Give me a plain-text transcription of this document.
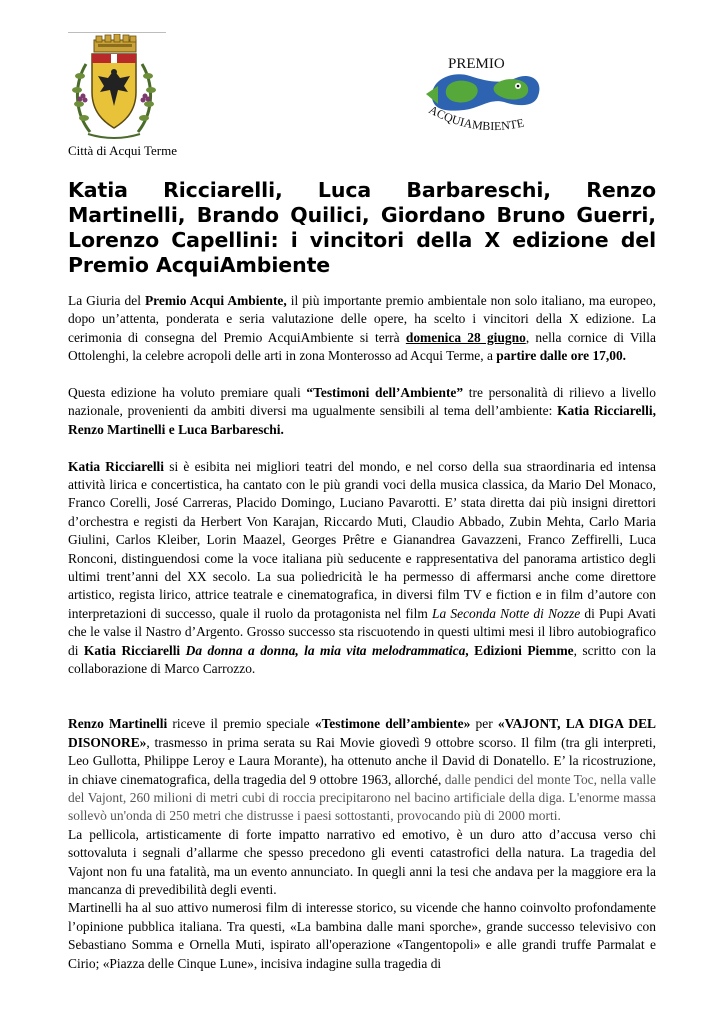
Città di Acqui Terme
PREMIO
ACQUIAMBIENTE
Katia Ricciarelli, Luca Barbareschi, Renzo Martinelli, Brando Quilici, Giordano Bruno Guerri, Lorenzo Capellini: i vincitori della X edizione del Premio AcquiAmbiente

La Giuria del Premio Acqui Ambiente, il più importante premio ambientale non solo italiano, ma europeo, dopo un’attenta, ponderata e seria valutazione delle opere, ha scelto i vincitori della X edizione. La cerimonia di consegna del Premio AcquiAmbiente si terrà domenica 28 giugno, nella cornice di Villa Ottolenghi, la celebre acropoli delle arti in zona Monterosso ad Acqui Terme, a partire dalle ore 17,00.

Questa edizione ha voluto premiare quali “Testimoni dell’Ambiente” tre personalità di rilievo a livello nazionale, provenienti da ambiti diversi ma ugualmente sensibili al tema dell’ambiente: Katia Ricciarelli, Renzo Martinelli e Luca Barbareschi.

Katia Ricciarelli si è esibita nei migliori teatri del mondo, e nel corso della sua straordinaria ed intensa attività lirica e concertistica, ha cantato con le più grandi voci della musica classica, da Mario Del Monaco, Franco Corelli, José Carreras, Placido Domingo, Luciano Pavarotti. E’ stata diretta dai più insigni direttori d’orchestra e registi da Herbert Von Karajan, Riccardo Muti, Claudio Abbado, Zubin Mehta, Carlo Maria Giulini, Carlos Kleiber, Lorin Maazel, Georges Prêtre e Gianandrea Gavazzeni, Franco Zeffirelli, Luca Ronconi, distinguendosi come la voce italiana più seducente e rappresentativa del panorama artistico degli ultimi trent’anni del XX secolo. La sua poliedricità le ha permesso di affermarsi anche come direttore artistico, regista lirico, attrice teatrale e cinematografica, in diversi film TV e fiction e in film d’autore con interpretazioni di successo, quale il ruolo da protagonista nel film La Seconda Notte di Nozze di Pupi Avati che le valse il Nastro d’Argento. Grosso successo sta riscuotendo in questi ultimi mesi il libro autobiografico di Katia Ricciarelli Da donna a donna, la mia vita melodrammatica, Edizioni Piemme, scritto con la collaborazione di Marco Carrozzo.

Renzo Martinelli riceve il premio speciale «Testimone dell’ambiente» per «VAJONT, LA DIGA DEL DISONORE», trasmesso in prima serata su Rai Movie giovedì 9 ottobre scorso. Il film (tra gli interpreti, Leo Gullotta, Philippe Leroy e Laura Morante), ha ottenuto anche il David di Donatello. E’ la ricostruzione, in chiave cinematografica, della tragedia del 9 ottobre 1963, allorché, dalle pendici del monte Toc, nella valle del Vajont, 260 milioni di metri cubi di roccia precipitarono nel bacino artificiale della diga. L'enorme massa sollevò un'onda di 250 metri che distrusse i paesi sottostanti, provocando più di 2000 morti.

La pellicola, artisticamente di forte impatto narrativo ed emotivo, è un duro atto d’accusa verso chi sottovaluta i segnali d’allarme che spesso precedono gli eventi catastrofici della natura. La tragedia del Vajont non fu una fatalità, ma un evento annunciato. In quegli anni la tesi che andava per la maggiore era la mancanza di prevedibilità degli eventi.

Martinelli ha al suo attivo numerosi film di interesse storico, su vicende che hanno coinvolto profondamente l’opinione pubblica italiana. Tra questi, «La bambina dalle mani sporche», grande successo televisivo con Sebastiano Somma e Ornella Muti, ispirato all'operazione «Tangentopoli» e alle grandi truffe Parmalat e Cirio; «Piazza delle Cinque Lune», incisiva indagine sulla tragedia di
